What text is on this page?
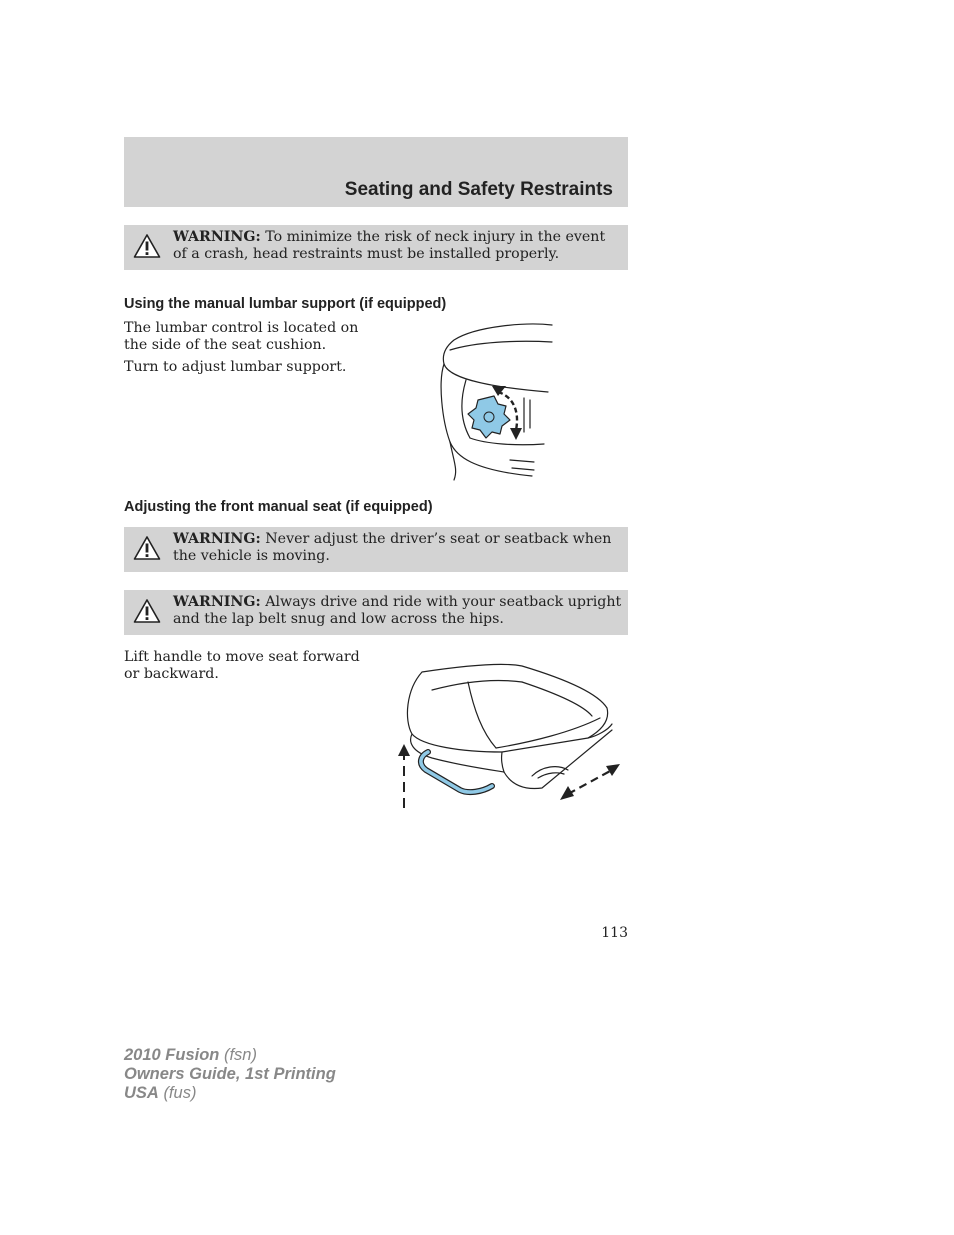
Seating and Safety Restraints

WARNING: To minimize the risk of neck injury in the event of a crash, head restraints must be installed properly.

Using the manual lumbar support (if equipped)

The lumbar control is located on the side of the seat cushion.

Turn to adjust lumbar support.

Adjusting the front manual seat (if equipped)

WARNING: Never adjust the driver’s seat or seatback when the vehicle is moving.

WARNING: Always drive and ride with your seatback upright and the lap belt snug and low across the hips.

Lift handle to move seat forward or backward.

113

2010 Fusion (fsn)
Owners Guide, 1st Printing
USA (fus)
